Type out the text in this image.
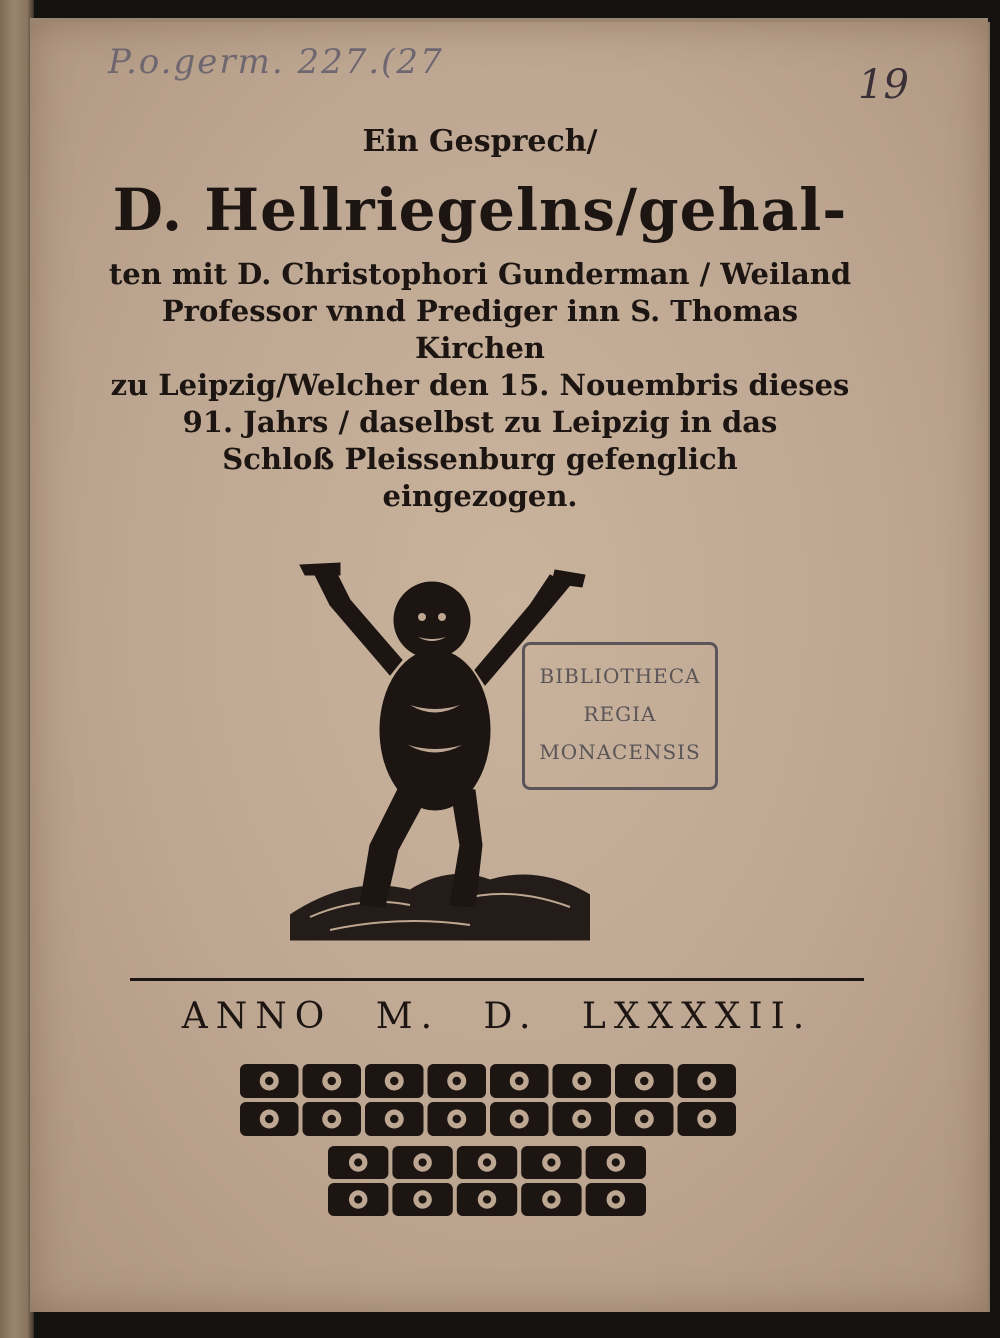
P.o.germ. 227.(27	19
Ein Gesprech/
D. Hellriegelns/gehal-
ten mit D. Christophori Gunderman / Weiland
Professor vnnd Prediger inn S. Thomas Kirchen
zu Leipzig/Welcher den 15. Nouembris dieses
91. Jahrs / daselbst zu Leipzig in das
Schloß Pleissenburg gefenglich
eingezogen.
BIBLIOTHECA
REGIA
MONACENSIS
ANNO M. D. LXXXXII.
